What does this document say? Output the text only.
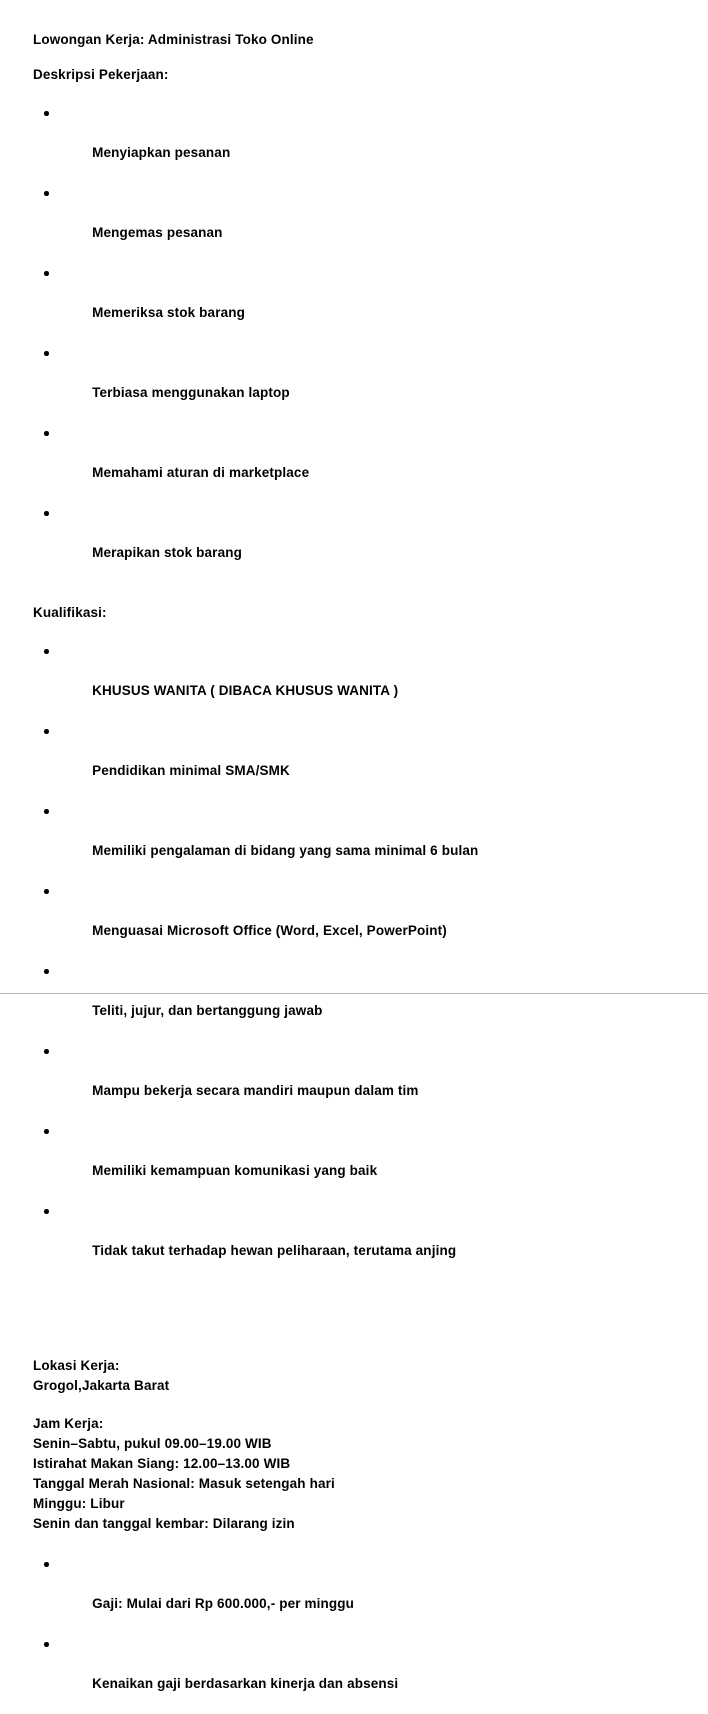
Lowongan Kerja: Administrasi Toko Online

Deskripsi Pekerjaan:

Menyiapkan pesanan

Mengemas pesanan

Memeriksa stok barang

Terbiasa menggunakan laptop

Memahami aturan di marketplace

Merapikan stok barang

Kualifikasi:

KHUSUS WANITA ( DIBACA KHUSUS WANITA )

Pendidikan minimal SMA/SMK

Memiliki pengalaman di bidang yang sama minimal 6 bulan

Menguasai Microsoft Office (Word, Excel, PowerPoint)

Teliti, jujur, dan bertanggung jawab

Mampu bekerja secara mandiri maupun dalam tim

Memiliki kemampuan komunikasi yang baik

Tidak takut terhadap hewan peliharaan, terutama anjing

Lokasi Kerja:

Grogol,Jakarta Barat

Jam Kerja:

Senin–Sabtu, pukul 09.00–19.00 WIB

Istirahat Makan Siang: 12.00–13.00 WIB

Tanggal Merah Nasional: Masuk setengah hari

Minggu: Libur

Senin dan tanggal kembar: Dilarang izin

Gaji: Mulai dari Rp 600.000,- per minggu

Kenaikan gaji berdasarkan kinerja dan absensi
